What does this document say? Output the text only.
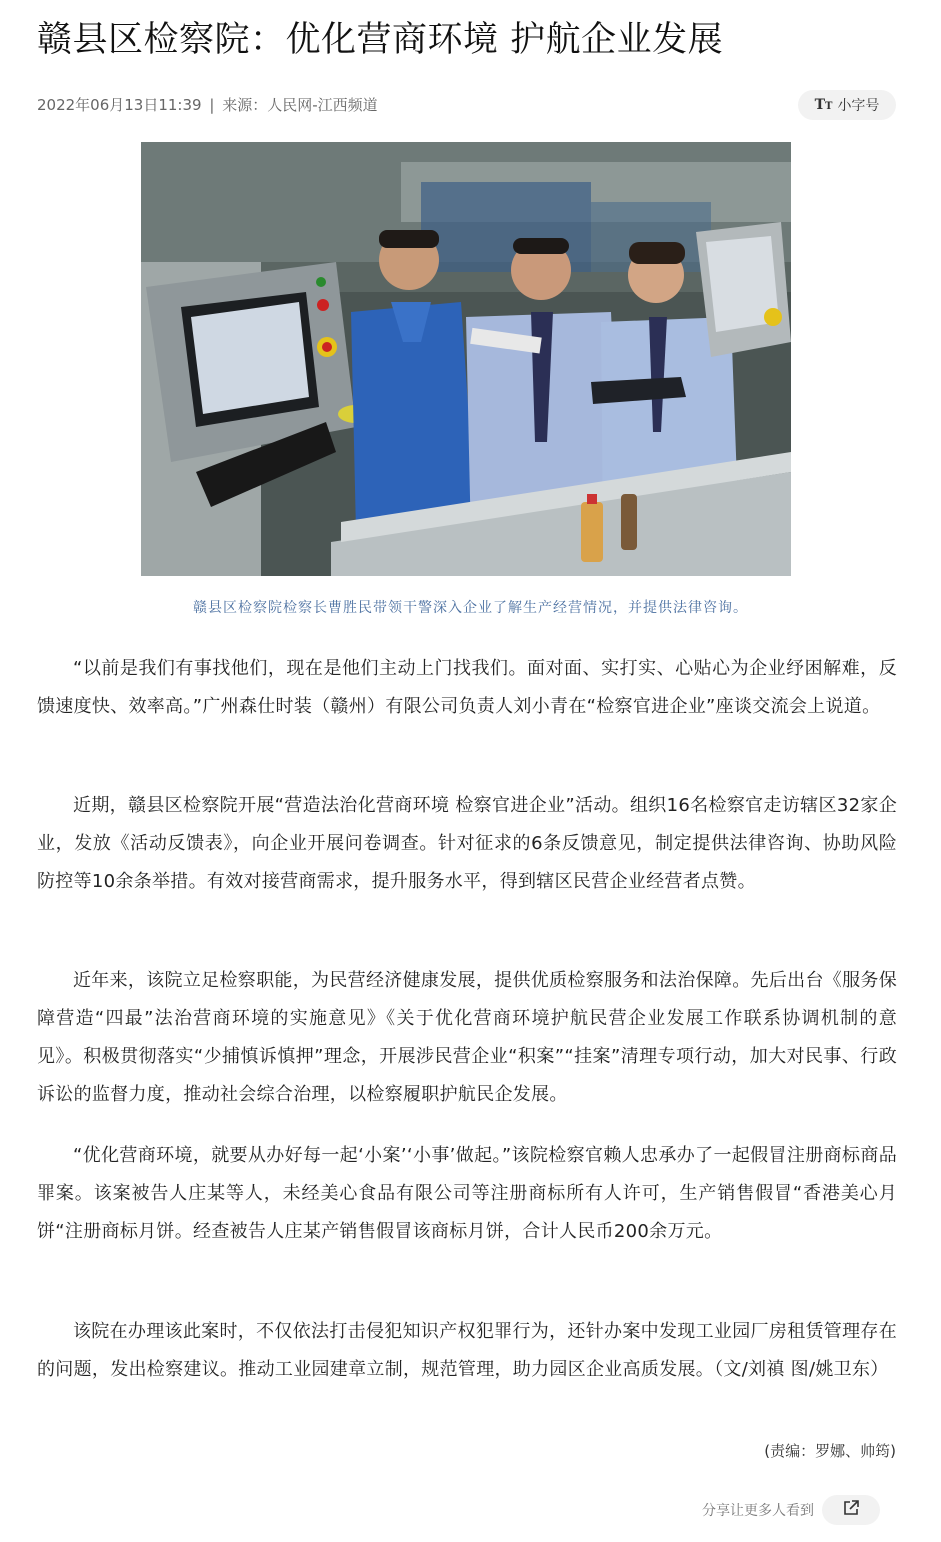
赣县区检察院：优化营商环境 护航企业发展
2022年06月13日11:39 | 来源：人民网-江西频道	TT 小字号
赣县区检察院检察长曹胜民带领干警深入企业了解生产经营情况，并提供法律咨询。

“以前是我们有事找他们，现在是他们主动上门找我们。面对面、实打实、心贴心为企业纾困解难，反馈速度快、效率高。”广州森仕时装（赣州）有限公司负责人刘小青在“检察官进企业”座谈交流会上说道。

近期，赣县区检察院开展“营造法治化营商环境 检察官进企业”活动。组织16名检察官走访辖区32家企业，发放《活动反馈表》，向企业开展问卷调查。针对征求的6条反馈意见，制定提供法律咨询、协助风险防控等10余条举措。有效对接营商需求，提升服务水平，得到辖区民营企业经营者点赞。

近年来，该院立足检察职能，为民营经济健康发展，提供优质检察服务和法治保障。先后出台《服务保障营造“四最”法治营商环境的实施意见》《关于优化营商环境护航民营企业发展工作联系协调机制的意见》。积极贯彻落实“少捕慎诉慎押”理念，开展涉民营企业“积案”“挂案”清理专项行动，加大对民事、行政诉讼的监督力度，推动社会综合治理，以检察履职护航民企发展。

“优化营商环境，就要从办好每一起‘小案’‘小事’做起。”该院检察官赖人忠承办了一起假冒注册商标商品罪案。该案被告人庄某等人，未经美心食品有限公司等注册商标所有人许可，生产销售假冒“香港美心月饼“注册商标月饼。经查被告人庄某产销售假冒该商标月饼，合计人民币200余万元。

该院在办理该此案时，不仅依法打击侵犯知识产权犯罪行为，还针办案中发现工业园厂房租赁管理存在的问题，发出检察建议。推动工业园建章立制，规范管理，助力园区企业高质发展。（文/刘禛 图/姚卫东）

(责编：罗娜、帅筠)
分享让更多人看到
